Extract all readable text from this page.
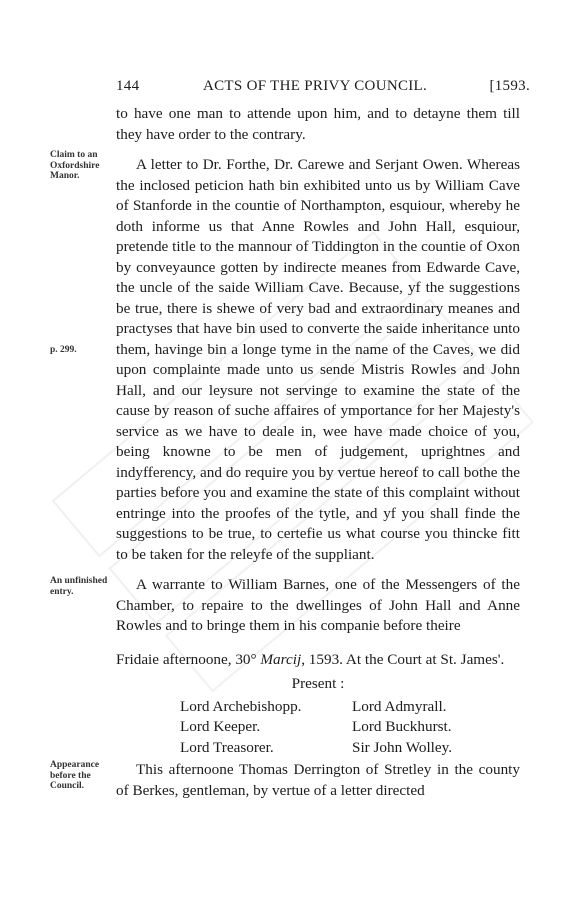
144	ACTS OF THE PRIVY COUNCIL.	[1593.
Claim to an Oxfordshire Manor.
p. 299.
An unfinished entry.
Appearance before the Council.

to have one man to attende upon him, and to detayne them till they have order to the contrary.

A letter to Dr. Forthe, Dr. Carewe and Serjant Owen. Whereas the inclosed peticion hath bin exhibited unto us by William Cave of Stanforde in the countie of Northampton, esquiour, whereby he doth informe us that Anne Rowles and John Hall, esquiour, pretende title to the mannour of Tiddington in the countie of Oxon by conveyaunce gotten by indirecte meanes from Edwarde Cave, the uncle of the saide William Cave. Because, yf the suggestions be true, there is shewe of very bad and extraordinary meanes and practyses that have bin used to converte the saide inheritance unto them, havinge bin a longe tyme in the name of the Caves, we did upon complainte made unto us sende Mistris Rowles and John Hall, and our leysure not servinge to examine the state of the cause by reason of suche affaires of ymportance for her Majesty's service as we have to deale in, wee have made choice of you, being knowne to be men of judgement, uprightnes and indyfferency, and do require you by vertue hereof to call bothe the parties before you and examine the state of this complaint without entringe into the proofes of the tytle, and yf you shall finde the suggestions to be true, to certefie us what course you thincke fitt to be taken for the releyfe of the suppliant.

A warrante to William Barnes, one of the Messengers of the Chamber, to repaire to the dwellinges of John Hall and Anne Rowles and to bringe them in his companie before theire

Fridaie afternoone, 30° Marcij, 1593. At the Court at St. James'.

Present :
Lord Archebishopp.	Lord Admyrall.
Lord Keeper.	Lord Buckhurst.
Lord Treasorer.	Sir John Wolley.

This afternoone Thomas Derrington of Stretley in the county of Berkes, gentleman, by vertue of a letter directed
